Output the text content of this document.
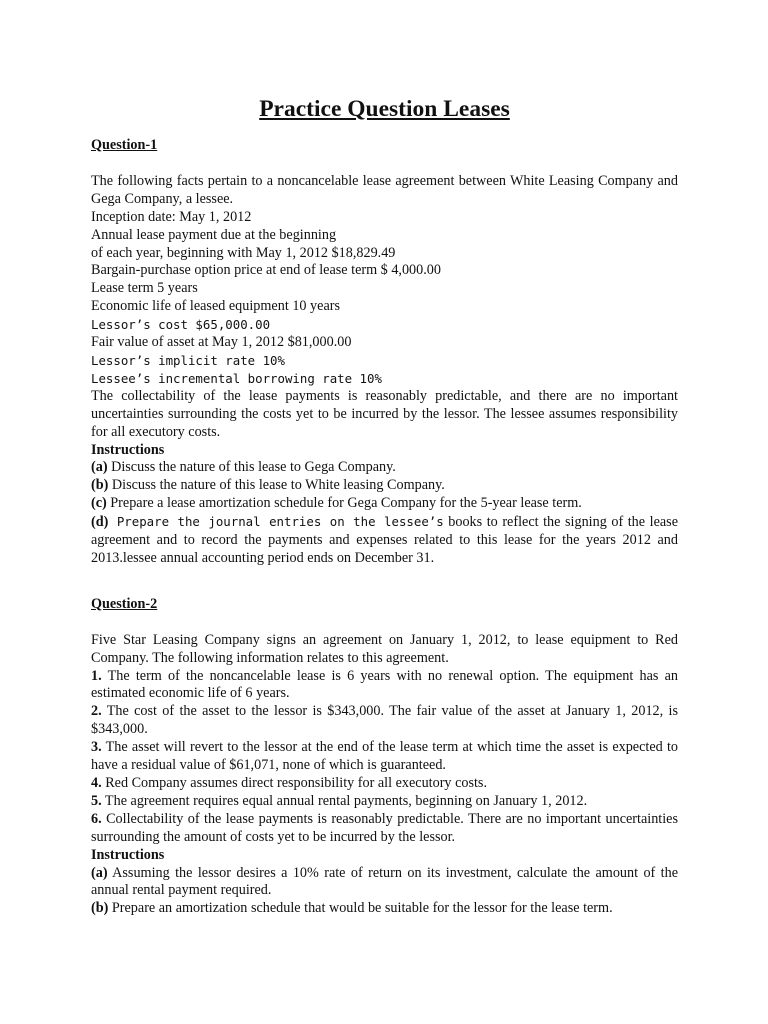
Practice Question Leases

Question-1

The following facts pertain to a noncancelable lease agreement between White Leasing Company and Gega Company, a lessee.

Inception date: May 1, 2012

Annual lease payment due at the beginning

of each year, beginning with May 1, 2012 $18,829.49

Bargain-purchase option price at end of lease term $ 4,000.00

Lease term 5 years

Economic life of leased equipment 10 years

Lessor’s cost $65,000.00

Fair value of asset at May 1, 2012 $81,000.00

Lessor’s implicit rate 10%

Lessee’s incremental borrowing rate 10%

The collectability of the lease payments is reasonably predictable, and there are no important uncertainties surrounding the costs yet to be incurred by the lessor. The lessee assumes responsibility for all executory costs.

Instructions

(a) Discuss the nature of this lease to Gega Company.

(b) Discuss the nature of this lease to White leasing Company.

(c) Prepare a lease amortization schedule for Gega Company for the 5-year lease term.

(d) Prepare the journal entries on the lessee’s books to reflect the signing of the lease agreement and to record the payments and expenses related to this lease for the years 2012 and 2013.lessee annual accounting period ends on December 31.

Question-2

Five Star Leasing Company signs an agreement on January 1, 2012, to lease equipment to Red Company. The following information relates to this agreement.

1. The term of the noncancelable lease is 6 years with no renewal option. The equipment has an estimated economic life of 6 years.

2. The cost of the asset to the lessor is $343,000. The fair value of the asset at January 1, 2012, is $343,000.

3. The asset will revert to the lessor at the end of the lease term at which time the asset is expected to have a residual value of $61,071, none of which is guaranteed.

4. Red Company assumes direct responsibility for all executory costs.

5. The agreement requires equal annual rental payments, beginning on January 1, 2012.

6. Collectability of the lease payments is reasonably predictable. There are no important uncertainties surrounding the amount of costs yet to be incurred by the lessor.

Instructions

(a) Assuming the lessor desires a 10% rate of return on its investment, calculate the amount of the annual rental payment required.

(b) Prepare an amortization schedule that would be suitable for the lessor for the lease term.
